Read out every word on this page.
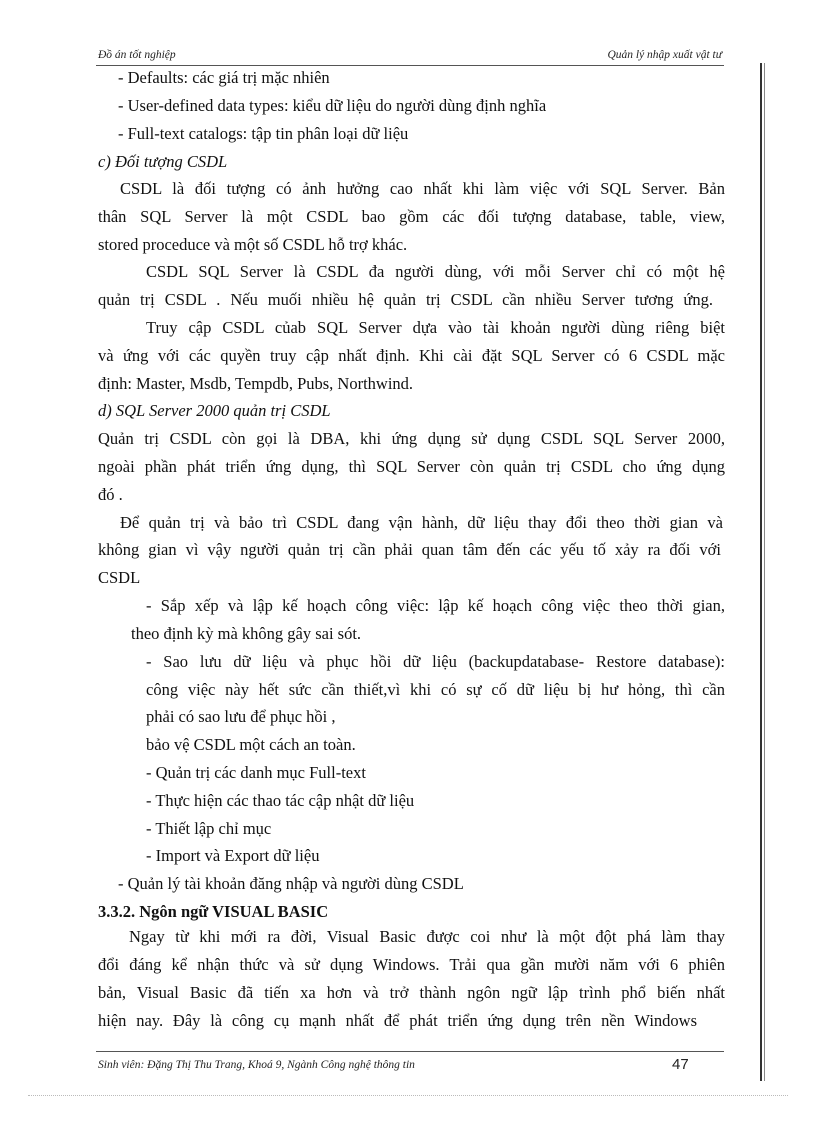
Đồ án tốt nghiệp	Quản lý nhập xuất vật tư
- Defaults: các giá trị mặc nhiên
- User-defined data types: kiểu dữ liệu do người dùng định nghĩa
- Full-text catalogs: tập tin phân loại dữ liệu
c) Đối tượng CSDL
CSDL là đối tượng có ảnh hưởng cao nhất khi làm việc với SQL Server. Bản
thân SQL Server là một CSDL bao gồm các đối tượng database, table, view,
stored proceduce và một số CSDL hỗ trợ khác.
CSDL SQL Server là CSDL đa người dùng, với mỗi Server chỉ có một hệ
quản trị CSDL . Nếu muối nhiều hệ quản trị CSDL cần nhiều Server tương ứng.
Truy cập CSDL củab SQL Server dựa vào tài khoản người dùng riêng biệt
và ứng với các quyền truy cập nhất định. Khi cài đặt SQL Server có 6 CSDL mặc
định: Master, Msdb, Tempdb, Pubs, Northwind.
d) SQL Server 2000 quản trị CSDL
Quản trị CSDL còn gọi là DBA, khi ứng dụng sử dụng CSDL SQL Server 2000,
ngoài phần phát triển ứng dụng, thì SQL Server còn quản trị CSDL cho ứng dụng
đó .
Để quản trị và bảo trì CSDL đang vận hành, dữ liệu thay đổi theo thời gian và
không gian vì vậy người quản trị cần phải quan tâm đến các yếu tố xảy ra đối với
CSDL
- Sắp xếp và lập kế hoạch công việc: lập kế hoạch công việc theo thời gian,
theo định kỳ mà không gây sai sót.
- Sao lưu dữ liệu và phục hồi dữ liệu (backupdatabase- Restore database):
công việc này hết sức cần thiết,vì khi có sự cố dữ liệu bị hư hỏng, thì cần
phải có sao lưu để phục hồi ,
bảo vệ CSDL một cách an toàn.
- Quản trị các danh mục Full-text
- Thực hiện các thao tác cập nhật dữ liệu
- Thiết lập chỉ mục
- Import và Export dữ liệu
- Quản lý tài khoản đăng nhập và người dùng CSDL
3.3.2. Ngôn ngữ VISUAL BASIC
Ngay từ khi mới ra đời, Visual Basic được coi như là một đột phá làm thay
đổi đáng kể nhận thức và sử dụng Windows. Trải qua gần mười năm với 6 phiên
bản, Visual Basic đã tiến xa hơn và trở thành ngôn ngữ lập trình phổ biến nhất
hiện nay. Đây là công cụ mạnh nhất để phát triển ứng dụng trên nền Windows
Sinh viên: Đặng Thị Thu Trang, Khoá 9, Ngành Công nghệ thông tin	47
